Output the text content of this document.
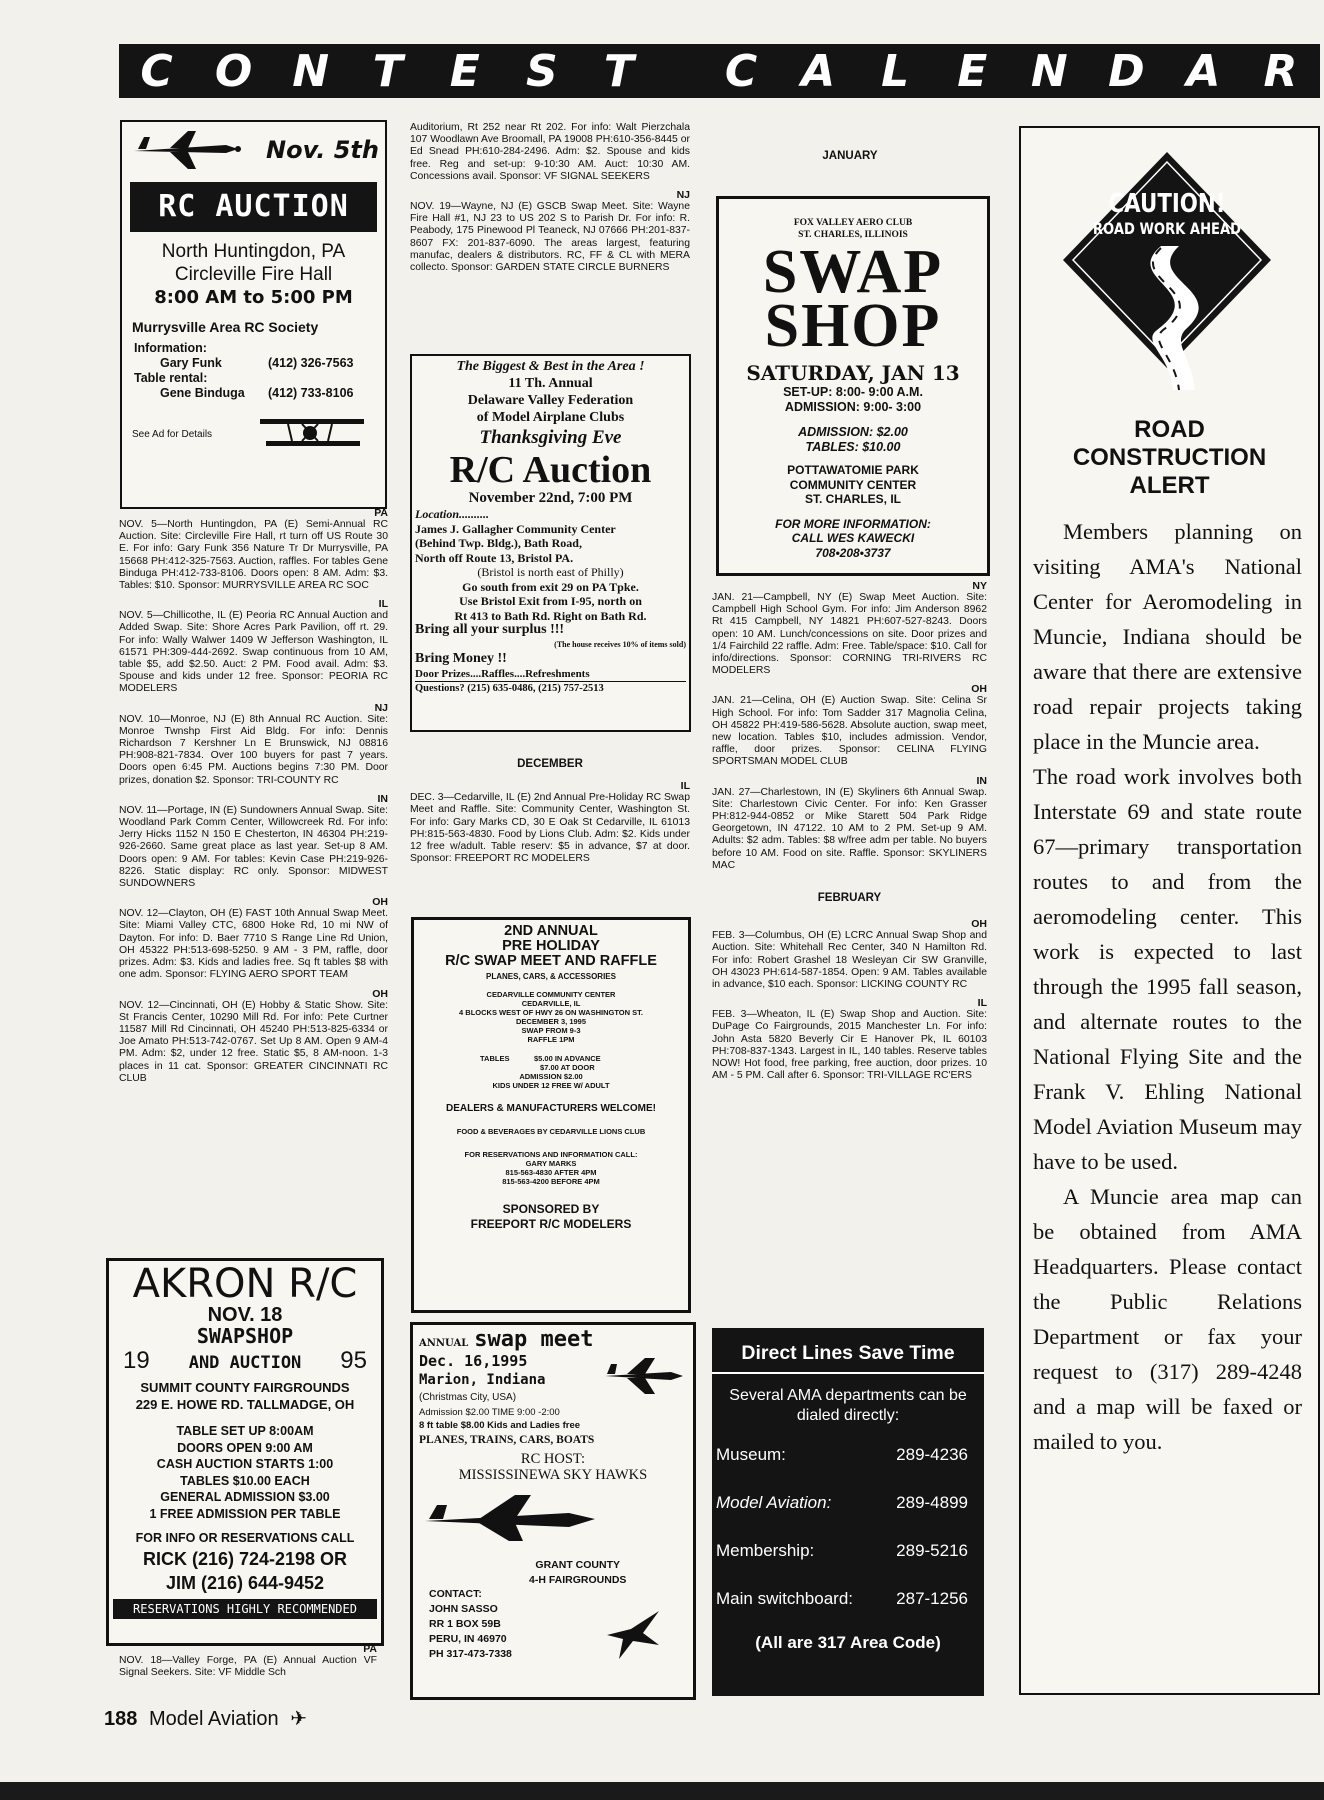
C O N T	E	S	T	C A	L	E N D A R
Nov. 5th
RC AUCTION
North Huntingdon, PA
Circleville Fire Hall
8:00 AM to 5:00 PM
Murrysville Area RC Society
Information:
Gary Funk	(412) 326-7563
Table rental:
Gene Binduga	(412) 733-8106
See Ad for Details
PA
NOV. 5—North Huntingdon, PA (E) Semi-Annual RC Auction. Site: Circleville Fire Hall, rt turn off US Route 30 E. For info: Gary Funk 356 Nature Tr Dr Murrysville, PA 15668 PH:412-325-7563. Auction, raffles. For tables Gene Binduga PH:412-733-8106. Doors open: 8 AM. Adm: $3. Tables: $10. Sponsor: MURRYSVILLE AREA RC SOC
IL
NOV. 5—Chillicothe, IL (E) Peoria RC Annual Auction and Added Swap. Site: Shore Acres Park Pavilion, off rt. 29. For info: Wally Walwer 1409 W Jefferson Washington, IL 61571 PH:309-444-2692. Swap continuous from 10 AM, table $5, add $2.50. Auct: 2 PM. Food avail. Adm: $3. Spouse and kids under 12 free. Sponsor: PEORIA RC MODELERS
NJ
NOV. 10—Monroe, NJ (E) 8th Annual RC Auction. Site: Monroe Twnshp First Aid Bldg. For info: Dennis Richardson 7 Kershner Ln E Brunswick, NJ 08816 PH:908-821-7834. Over 100 buyers for past 7 years. Doors open 6:45 PM. Auctions begins 7:30 PM. Door prizes, donation $2. Sponsor: TRI-COUNTY RC
IN
NOV. 11—Portage, IN (E) Sundowners Annual Swap. Site: Woodland Park Comm Center, Willowcreek Rd. For info: Jerry Hicks 1152 N 150 E Chesterton, IN 46304 PH:219-926-2660. Same great place as last year. Set-up 8 AM. Doors open: 9 AM. For tables: Kevin Case PH:219-926-8226. Static display: RC only. Sponsor: MIDWEST SUNDOWNERS
OH
NOV. 12—Clayton, OH (E) FAST 10th Annual Swap Meet. Site: Miami Valley CTC, 6800 Hoke Rd, 10 mi NW of Dayton. For info: D. Baer 7710 S Range Line Rd Union, OH 45322 PH:513-698-5250. 9 AM - 3 PM, raffle, door prizes. Adm: $3. Kids and ladies free. Sq ft tables $8 with one adm. Sponsor: FLYING AERO SPORT TEAM
OH
NOV. 12—Cincinnati, OH (E) Hobby & Static Show. Site: St Francis Center, 10290 Mill Rd. For info: Pete Curtner 11587 Mill Rd Cincinnati, OH 45240 PH:513-825-6334 or Joe Amato PH:513-742-0767. Set Up 8 AM. Open 9 AM-4 PM. Adm: $2, under 12 free. Static $5, 8 AM-noon. 1-3 places in 11 cat. Sponsor: GREATER CINCINNATI RC CLUB
AKRON R/C
NOV. 18
SWAPSHOP
19 AND AUCTION 95
SUMMIT COUNTY FAIRGROUNDS
229 E. HOWE RD. TALLMADGE, OH
TABLE SET UP 8:00AM
DOORS OPEN 9:00 AM
CASH AUCTION STARTS 1:00
TABLES $10.00 EACH
GENERAL ADMISSION $3.00
1 FREE ADMISSION PER TABLE
FOR INFO OR RESERVATIONS CALL
RICK (216) 724-2198 OR
JIM (216) 644-9452
RESERVATIONS HIGHLY RECOMMENDED
PA
NOV. 18—Valley Forge, PA (E) Annual Auction VF Signal Seekers. Site: VF Middle Sch
Auditorium, Rt 252 near Rt 202. For info: Walt Pierzchala 107 Woodlawn Ave Broomall, PA 19008 PH:610-356-8445 or Ed Snead PH:610-284-2496. Adm: $2. Spouse and kids free. Reg and set-up: 9-10:30 AM. Auct: 10:30 AM. Concessions avail. Sponsor: VF SIGNAL SEEKERS
NJ
NOV. 19—Wayne, NJ (E) GSCB Swap Meet. Site: Wayne Fire Hall #1, NJ 23 to US 202 S to Parish Dr. For info: R. Peabody, 175 Pinewood Pl Teaneck, NJ 07666 PH:201-837-8607 FX: 201-837-6090. The areas largest, featuring manufac, dealers & distributors. RC, FF & CL with MERA collecto. Sponsor: GARDEN STATE CIRCLE BURNERS
The Biggest & Best in the Area !
11 Th. Annual
Delaware Valley Federation
of Model Airplane Clubs
Thanksgiving Eve
R/C Auction
November 22nd, 7:00 PM
Location..........
James J. Gallagher Community Center
(Behind Twp. Bldg.), Bath Road,
North off Route 13, Bristol PA.
(Bristol is north east of Philly)
Go south from exit 29 on PA Tpke.
Use Bristol Exit from I-95, north on
Rt 413 to Bath Rd. Right on Bath Rd.
Bring all your surplus !!!
(The house receives 10% of items sold)
Bring Money !!
Door Prizes....Raffles....Refreshments
Questions? (215) 635-0486, (215) 757-2513
DECEMBER
IL
DEC. 3—Cedarville, IL (E) 2nd Annual Pre-Holiday RC Swap Meet and Raffle. Site: Community Center, Washington St. For info: Gary Marks CD, 30 E Oak St Cedarville, IL 61013 PH:815-563-4830. Food by Lions Club. Adm: $2. Kids under 12 free w/adult. Table reserv: $5 in advance, $7 at door. Sponsor: FREEPORT RC MODELERS
2ND ANNUAL
PRE HOLIDAY
R/C SWAP MEET AND RAFFLE
PLANES, CARS, & ACCESSORIES
CEDARVILLE COMMUNITY CENTER
CEDARVILLE, IL
4 BLOCKS WEST OF HWY 26 ON WASHINGTON ST.
DECEMBER 3, 1995
SWAP FROM 9-3
RAFFLE 1PM
TABLES	$5.00 IN ADVANCE
$7.00 AT DOOR
ADMISSION $2.00
KIDS UNDER 12 FREE W/ ADULT
DEALERS & MANUFACTURERS WELCOME!
FOOD & BEVERAGES BY CEDARVILLE LIONS CLUB
FOR RESERVATIONS AND INFORMATION CALL:
GARY MARKS
815-563-4830 AFTER 4PM
815-563-4200 BEFORE 4PM
SPONSORED BY
FREEPORT R/C MODELERS
ANNUAL swap meet
Dec. 16,1995
Marion, Indiana
(Christmas City, USA)
Admission $2.00 TIME 9:00 -2:00
8 ft table $8.00 Kids and Ladies free
PLANES, TRAINS, CARS, BOATS
RC HOST:
MISSISSINEWA SKY HAWKS
GRANT COUNTY
4-H FAIRGROUNDS
CONTACT:
JOHN SASSO
RR 1 BOX 59B
PERU, IN 46970
PH 317-473-7338
JANUARY
FOX VALLEY AERO CLUB
ST. CHARLES, ILLINOIS
SWAP
SHOP
SATURDAY, JAN 13
SET-UP: 8:00- 9:00 A.M.
ADMISSION: 9:00- 3:00
ADMISSION: $2.00
TABLES: $10.00
POTTAWATOMIE PARK
COMMUNITY CENTER
ST. CHARLES, IL
FOR MORE INFORMATION:
CALL WES KAWECKI
708•208•3737
NY
JAN. 21—Campbell, NY (E) Swap Meet Auction. Site: Campbell High School Gym. For info: Jim Anderson 8962 Rt 415 Campbell, NY 14821 PH:607-527-8243. Doors open: 10 AM. Lunch/concessions on site. Door prizes and 1/4 Fairchild 22 raffle. Adm: Free. Table/space: $10. Call for info/directions. Sponsor: CORNING TRI-RIVERS RC MODELERS
OH
JAN. 21—Celina, OH (E) Auction Swap. Site: Celina Sr High School. For info: Tom Sadder 317 Magnolia Celina, OH 45822 PH:419-586-5628. Absolute auction, swap meet, new location. Tables $10, includes admission. Vendor, raffle, door prizes. Sponsor: CELINA FLYING SPORTSMAN MODEL CLUB
IN
JAN. 27—Charlestown, IN (E) Skyliners 6th Annual Swap. Site: Charlestown Civic Center. For info: Ken Grasser PH:812-944-0852 or Mike Starett 504 Park Ridge Georgetown, IN 47122. 10 AM to 2 PM. Set-up 9 AM. Adults: $2 adm. Tables: $8 w/free adm per table. No buyers before 10 AM. Food on site. Raffle. Sponsor: SKYLINERS MAC
FEBRUARY
OH
FEB. 3—Columbus, OH (E) LCRC Annual Swap Shop and Auction. Site: Whitehall Rec Center, 340 N Hamilton Rd. For info: Robert Grashel 18 Wesleyan Cir SW Granville, OH 43023 PH:614-587-1854. Open: 9 AM. Tables available in advance, $10 each. Sponsor: LICKING COUNTY RC
IL
FEB. 3—Wheaton, IL (E) Swap Shop and Auction. Site: DuPage Co Fairgrounds, 2015 Manchester Ln. For info: John Asta 5820 Beverly Cir E Hanover Pk, IL 60103 PH:708-837-1343. Largest in IL, 140 tables. Reserve tables NOW! Hot food, free parking, free auction, door prizes. 10 AM - 5 PM. Call after 6. Sponsor: TRI-VILLAGE RC'ERS
Direct Lines Save Time
Several AMA departments can be dialed directly:
Museum:	289-4236
Model Aviation:	289-4899
Membership:	289-5216
Main switchboard:	287-1256
(All are 317 Area Code)
CAUTION!
ROAD WORK AHEAD
ROAD
CONSTRUCTION
ALERT

Members planning on visiting AMA's National Center for Aeromodeling in Muncie, Indiana should be aware that there are extensive road repair projects taking place in the Muncie area.

The road work involves both Interstate 69 and state route 67—primary transportation routes to and from the aeromodeling center. This work is expected to last through the 1995 fall season, and alternate routes to the National Flying Site and the Frank V. Ehling National Model Aviation Museum may have to be used.

A Muncie area map can be obtained from AMA Headquarters. Please contact the Public Relations Department or fax your request to (317) 289-4248 and a map will be faxed or mailed to you.

188 Model Aviation ✈
